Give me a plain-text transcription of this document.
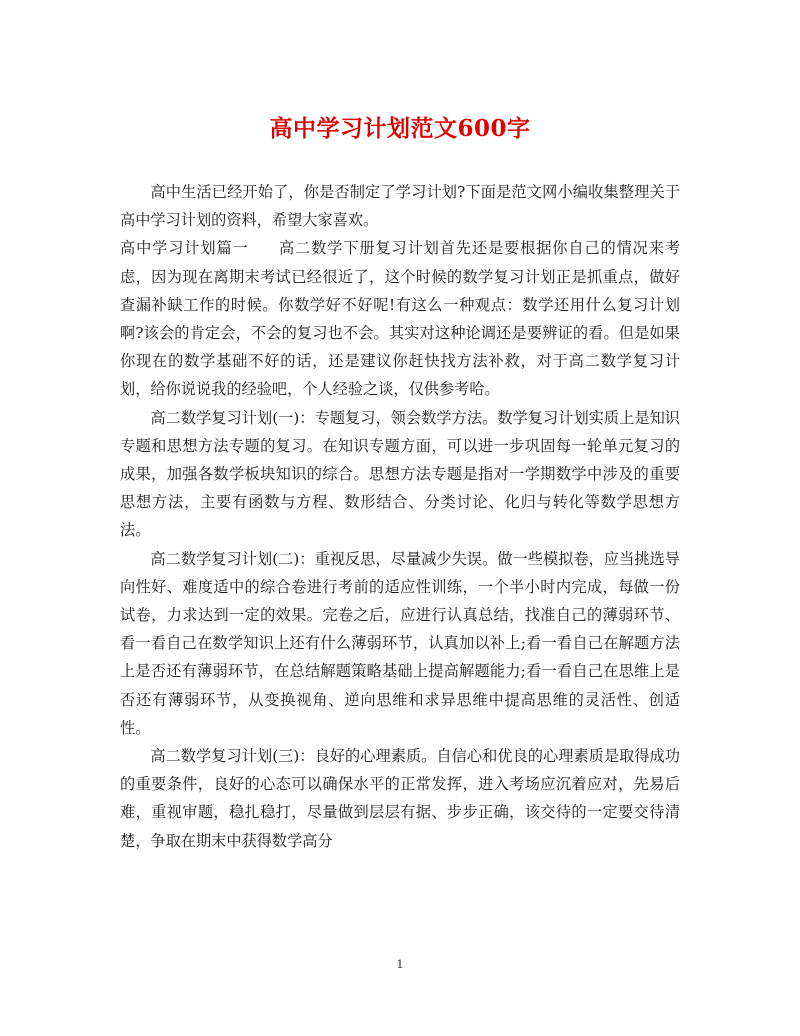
高中学习计划范文600字

高中生活已经开始了，你是否制定了学习计划?下面是范文网小编收集整理关于高中学习计划的资料，希望大家喜欢。

高中学习计划篇一 高二数学下册复习计划首先还是要根据你自己的情况来考虑，因为现在离期末考试已经很近了，这个时候的数学复习计划正是抓重点，做好查漏补缺工作的时候。你数学好不好呢!有这么一种观点：数学还用什么复习计划啊?该会的肯定会，不会的复习也不会。其实对这种论调还是要辨证的看。但是如果你现在的数学基础不好的话，还是建议你赶快找方法补救，对于高二数学复习计划，给你说说我的经验吧，个人经验之谈，仅供参考哈。

高二数学复习计划(一)：专题复习，领会数学方法。数学复习计划实质上是知识专题和思想方法专题的复习。在知识专题方面，可以进一步巩固每一轮单元复习的成果，加强各数学板块知识的综合。思想方法专题是指对一学期数学中涉及的重要思想方法，主要有函数与方程、数形结合、分类讨论、化归与转化等数学思想方法。

高二数学复习计划(二)：重视反思，尽量减少失误。做一些模拟卷，应当挑选导向性好、难度适中的综合卷进行考前的适应性训练，一个半小时内完成，每做一份试卷，力求达到一定的效果。完卷之后，应进行认真总结，找准自己的薄弱环节、看一看自己在数学知识上还有什么薄弱环节，认真加以补上;看一看自己在解题方法上是否还有薄弱环节，在总结解题策略基础上提高解题能力;看一看自己在思维上是否还有薄弱环节，从变换视角、逆向思维和求异思维中提高思维的灵活性、创适性。

高二数学复习计划(三)：良好的心理素质。自信心和优良的心理素质是取得成功的重要条件，良好的心态可以确保水平的正常发挥，进入考场应沉着应对，先易后难，重视审题，稳扎稳打，尽量做到层层有据、步步正确，该交待的一定要交待清楚，争取在期末中获得数学高分

1
